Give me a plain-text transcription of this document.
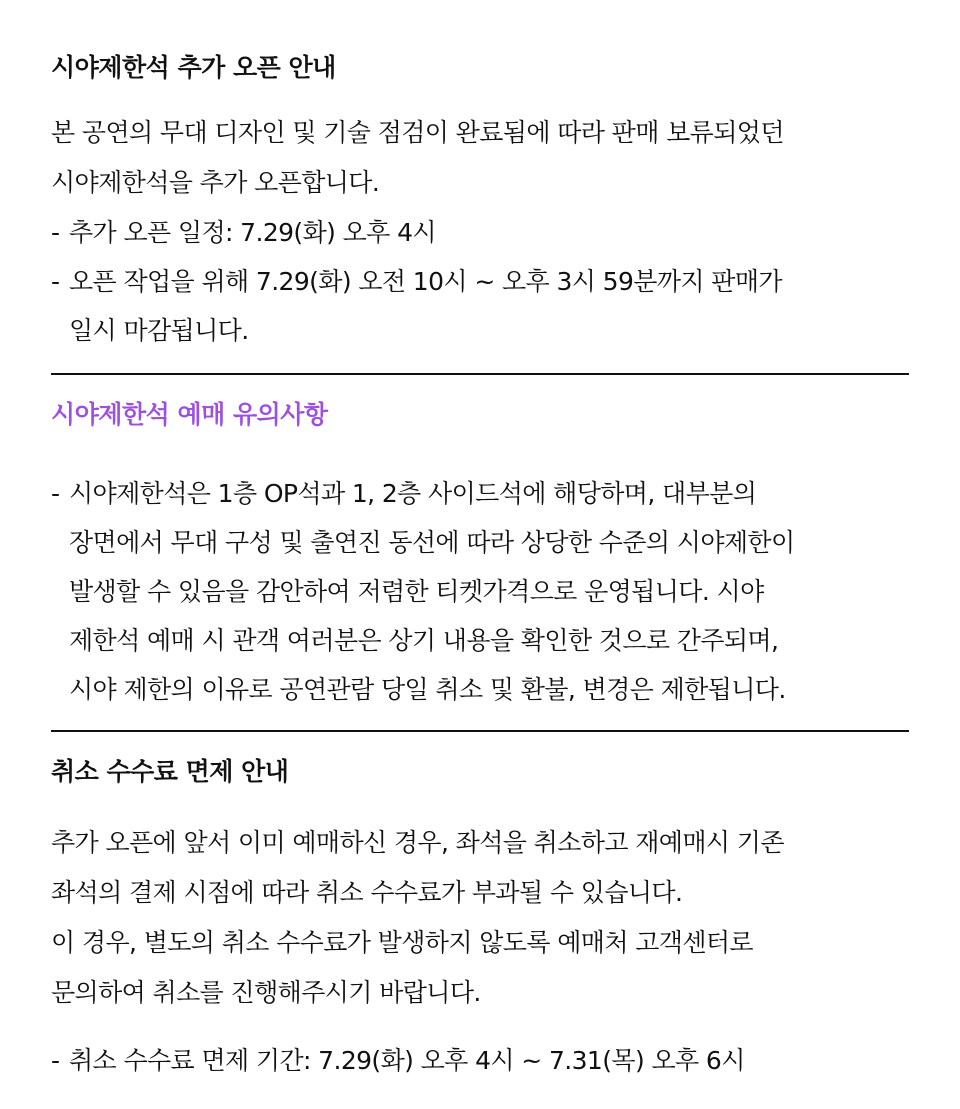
시야제한석 추가 오픈 안내

본 공연의 무대 디자인 및 기술 점검이 완료됨에 따라 판매 보류되었던

시야제한석을 추가 오픈합니다.

- 추가 오픈 일정: 7.29(화) 오후 4시

- 오픈 작업을 위해 7.29(화) 오전 10시 ~ 오후 3시 59분까지 판매가
일시 마감됩니다.

시야제한석 예매 유의사항

- 시야제한석은 1층 OP석과 1, 2층 사이드석에 해당하며, 대부분의
장면에서 무대 구성 및 출연진 동선에 따라 상당한 수준의 시야제한이
발생할 수 있음을 감안하여 저렴한 티켓가격으로 운영됩니다. 시야
제한석 예매 시 관객 여러분은 상기 내용을 확인한 것으로 간주되며,
시야 제한의 이유로 공연관람 당일 취소 및 환불, 변경은 제한됩니다.

취소 수수료 면제 안내

추가 오픈에 앞서 이미 예매하신 경우, 좌석을 취소하고 재예매시 기존

좌석의 결제 시점에 따라 취소 수수료가 부과될 수 있습니다.

이 경우, 별도의 취소 수수료가 발생하지 않도록 예매처 고객센터로

문의하여 취소를 진행해주시기 바랍니다.

- 취소 수수료 면제 기간: 7.29(화) 오후 4시 ~ 7.31(목) 오후 6시
